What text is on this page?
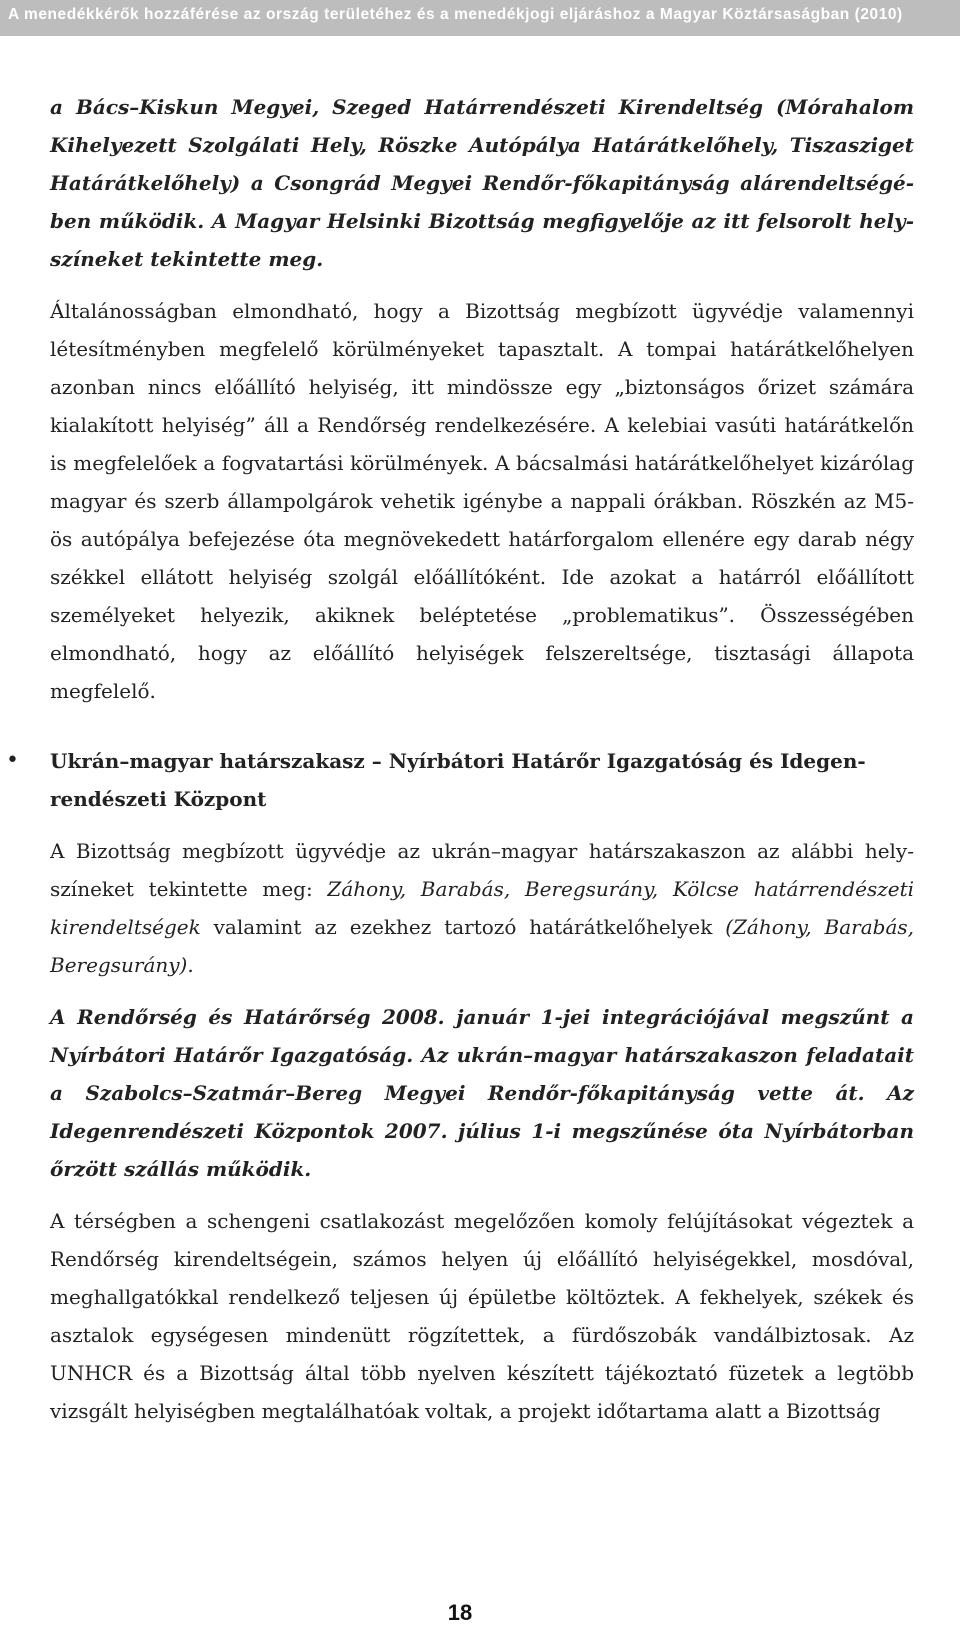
A menedékkérők hozzáférése az ország területéhez és a menedékjogi eljáráshoz a Magyar Köztársaságban (2010)

a Bács–Kiskun Megyei, Szeged Határrendészeti Kirendeltség (Mórahalom Kihelyezett Szolgálati Hely, Röszke Autópálya Határátkelőhely, Tiszasziget Határátkelőhely) a Csongrád Megyei Rendőr-főkapitányság alárendeltségében működik. A Magyar Helsinki Bizottság megfigyelője az itt felsorolt helyszíneket tekintette meg.

Általánosságban elmondható, hogy a Bizottság megbízott ügyvédje valamennyi létesítményben megfelelő körülményeket tapasztalt. A tompai határátkelőhelyen azonban nincs előállító helyiség, itt mindössze egy „biztonságos őrizet számára kialakított helyiség” áll a Rendőrség rendelkezésére. A kelebiai vasúti határátkelőn is megfelelőek a fogvatartási körülmények. A bácsalmási határátkelőhelyet kizárólag magyar és szerb állampolgárok vehetik igénybe a nappali órákban. Röszkén az M5-ös autópálya befejezése óta megnövekedett határforgalom ellenére egy darab négy székkel ellátott helyiség szolgál előállítóként. Ide azokat a határról előállított személyeket helyezik, akiknek beléptetése „problematikus”. Összességében elmondható, hogy az előállító helyiségek felszereltsége, tisztasági állapota megfelelő.

• Ukrán–magyar határszakasz – Nyírbátori Határőr Igazgatóság és Idegenrendészeti Központ

A Bizottság megbízott ügyvédje az ukrán–magyar határszakaszon az alábbi helyszíneket tekintette meg: Záhony, Barabás, Beregsurány, Kölcse határrendészeti kirendeltségek valamint az ezekhez tartozó határátkelőhelyek (Záhony, Barabás, Beregsurány).

A Rendőrség és Határőrség 2008. január 1-jei integrációjával megszűnt a Nyírbátori Határőr Igazgatóság. Az ukrán–magyar határszakaszon feladatait a Szabolcs–Szatmár–Bereg Megyei Rendőr-főkapitányság vette át. Az Idegenrendészeti Központok 2007. július 1-i megszűnése óta Nyírbátorban őrzött szállás működik.

A térségben a schengeni csatlakozást megelőzően komoly felújításokat végeztek a Rendőrség kirendeltségein, számos helyen új előállító helyiségekkel, mosdóval, meghallgatókkal rendelkező teljesen új épületbe költöztek. A fekhelyek, székek és asztalok egységesen mindenütt rögzítettek, a fürdőszobák vandálbiztosak. Az UNHCR és a Bizottság által több nyelven készített tájékoztató füzetek a legtöbb vizsgált helyiségben megtalálhatóak voltak, a projekt időtartama alatt a Bizottság

18
